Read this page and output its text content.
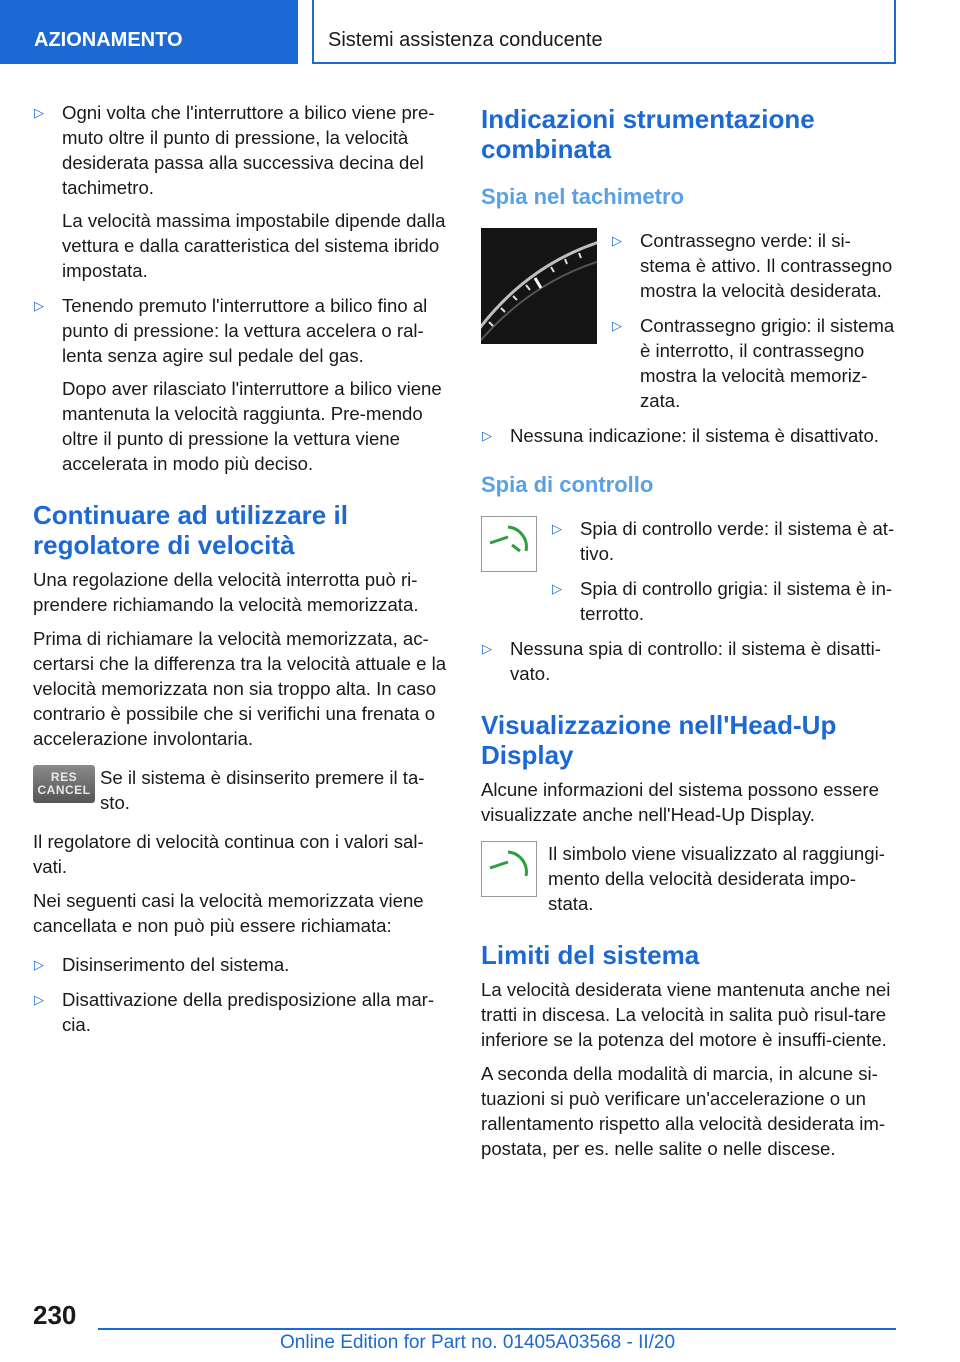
AZIONAMENTO	Sistemi assistenza conducente
▷ Ogni volta che l'interruttore a bilico viene pre-muto oltre il punto di pressione, la velocità desiderata passa alla successiva decina del tachimetro.
La velocità massima impostabile dipende dalla vettura e dalla caratteristica del sistema ibrido impostata.
▷ Tenendo premuto l'interruttore a bilico fino al punto di pressione: la vettura accelera o ral-lenta senza agire sul pedale del gas.
Dopo aver rilasciato l'interruttore a bilico viene mantenuta la velocità raggiunta. Pre-mendo oltre il punto di pressione la vettura viene accelerata in modo più deciso.
Continuare ad utilizzare il regolatore di velocità
Una regolazione della velocità interrotta può ri-prendere richiamando la velocità memorizzata.
Prima di richiamare la velocità memorizzata, ac-certarsi che la differenza tra la velocità attuale e la velocità memorizzata non sia troppo alta. In caso contrario è possibile che si verifichi una frenata o accelerazione involontaria.
RES
CANCEL
Se il sistema è disinserito premere il ta-sto.
Il regolatore di velocità continua con i valori sal-vati.
Nei seguenti casi la velocità memorizzata viene cancellata e non può più essere richiamata:
▷ Disinserimento del sistema.
▷ Disattivazione della predisposizione alla mar-cia.
Indicazioni strumentazione combinata
Spia nel tachimetro
▷ Contrassegno verde: il si-stema è attivo. Il contrassegno mostra la velocità desiderata.
▷ Contrassegno grigio: il sistema è interrotto, il contrassegno mostra la velocità memoriz-zata.
▷ Nessuna indicazione: il sistema è disattivato.
Spia di controllo
▷ Spia di controllo verde: il sistema è at-tivo.
▷ Spia di controllo grigia: il sistema è in-terrotto.
▷ Nessuna spia di controllo: il sistema è disatti-vato.
Visualizzazione nell'Head-Up Display
Alcune informazioni del sistema possono essere visualizzate anche nell'Head-Up Display.
Il simbolo viene visualizzato al raggiungi-mento della velocità desiderata impo-stata.
Limiti del sistema
La velocità desiderata viene mantenuta anche nei tratti in discesa. La velocità in salita può risul-tare inferiore se la potenza del motore è insuffi-ciente.
A seconda della modalità di marcia, in alcune si-tuazioni si può verificare un'accelerazione o un rallentamento rispetto alla velocità desiderata im-postata, per es. nelle salite o nelle discese.
230
Online Edition for Part no. 01405A03568 - II/20
